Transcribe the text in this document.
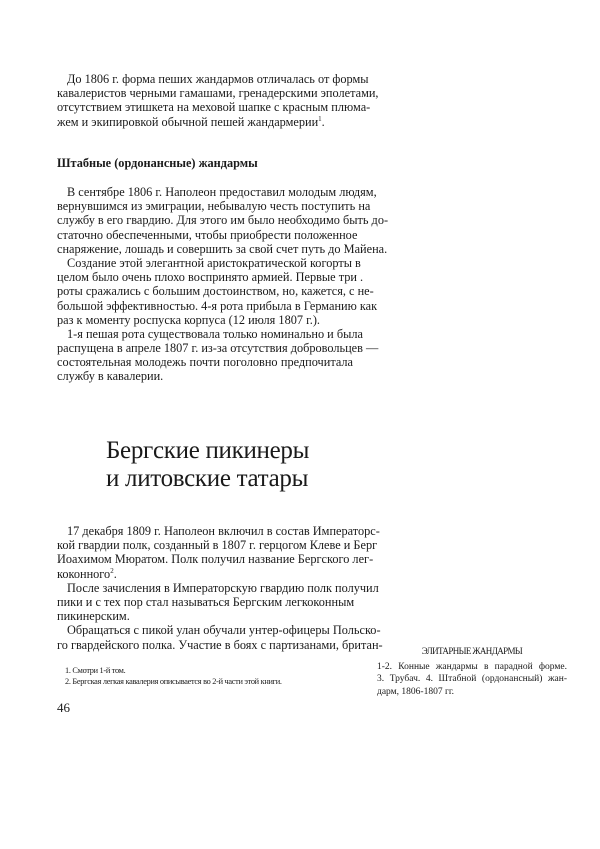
До 1806 г. форма пеших жандармов отличалась от формы
кавалеристов черными гамашами, гренадерскими эполетами,
отсутствием этишкета на меховой шапке с красным плюма-
жем и экипировкой обычной пешей жандармерии$^1$.
Штабные (ордонансные) жандармы
В сентябре 1806 г. Наполеон предоставил молодым людям,
вернувшимся из эмиграции, небывалую честь поступить на
службу в его гвардию. Для этого им было необходимо быть до-
статочно обеспеченными, чтобы приобрести положенное
снаряжение, лошадь и совершить за свой счет путь до Майена.
Создание этой элегантной аристократической когорты в
целом было очень плохо воспринято армией. Первые три .
роты сражались с большим достоинством, но, кажется, с не-
большой эффективностью. 4-я рота прибыла в Германию как
раз к моменту роспуска корпуса (12 июля 1807 г.).
1-я пешая рота существовала только номинально и была
распущена в апреле 1807 г. из-за отсутствия добровольцев —
состоятельная молодежь почти поголовно предпочитала
службу в кавалерии.
Бергские пикинеры
и литовские татары
17 декабря 1809 г. Наполеон включил в состав Императорс-
кой гвардии полк, созданный в 1807 г. герцогом Клеве и Берг
Иоахимом Мюратом. Полк получил название Бергского лег-
коконного$^2$.
После зачисления в Императорскую гвардию полк получил
пики и с тех пор стал называться Бергским легкоконным
пикинерским.
Обращаться с пикой улан обучали унтер-офицеры Польско-
го гвардейского полка. Участие в боях с партизанами, британ-
1. Смотри 1-й том.
2. Бергская легкая кавалерия описывается во 2-й части этой книги.
46
ЭЛИТАРНЫЕ ЖАНДАРМЫ
1-2. Конные жандармы в парадной форме.
3. Трубач. 4. Штабной (ордонансный) жан-
дарм, 1806-1807 гг.
